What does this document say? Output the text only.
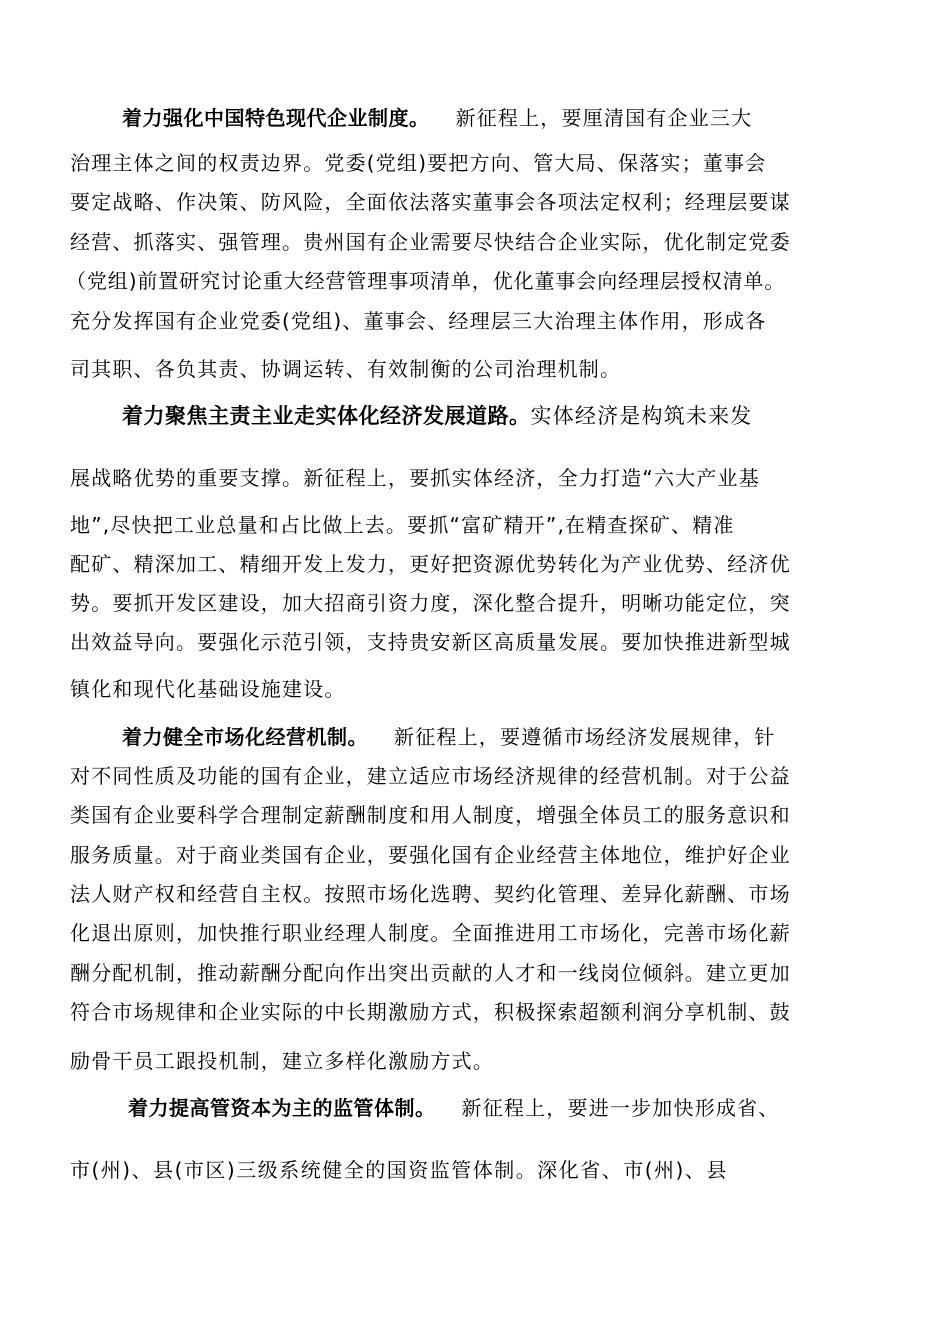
着力强化中国特色现代企业制度。 新征程上，要厘清国有企业三大
治理主体之间的权责边界。党委(党组)要把方向、管大局、保落实；董事会
要定战略、作决策、防风险，全面依法落实董事会各项法定权利；经理层要谋
经营、抓落实、强管理。贵州国有企业需要尽快结合企业实际，优化制定党委
（党组)前置研究讨论重大经营管理事项清单，优化董事会向经理层授权清单。
充分发挥国有企业党委(党组)、董事会、经理层三大治理主体作用，形成各
司其职、各负其责、协调运转、有效制衡的公司治理机制。
着力聚焦主责主业走实体化经济发展道路。实体经济是构筑未来发
展战略优势的重要支撑。新征程上，要抓实体经济，全力打造“六大产业基
地”,尽快把工业总量和占比做上去。要抓“富矿精开”,在精查探矿、精准
配矿、精深加工、精细开发上发力，更好把资源优势转化为产业优势、经济优
势。要抓开发区建设，加大招商引资力度，深化整合提升，明晰功能定位，突
出效益导向。要强化示范引领，支持贵安新区高质量发展。要加快推进新型城
镇化和现代化基础设施建设。
着力健全市场化经营机制。 新征程上，要遵循市场经济发展规律，针
对不同性质及功能的国有企业，建立适应市场经济规律的经营机制。对于公益
类国有企业要科学合理制定薪酬制度和用人制度，增强全体员工的服务意识和
服务质量。对于商业类国有企业，要强化国有企业经营主体地位，维护好企业
法人财产权和经营自主权。按照市场化选聘、契约化管理、差异化薪酬、市场
化退出原则，加快推行职业经理人制度。全面推进用工市场化，完善市场化薪
酬分配机制，推动薪酬分配向作出突出贡献的人才和一线岗位倾斜。建立更加
符合市场规律和企业实际的中长期激励方式，积极探索超额利润分享机制、鼓
励骨干员工跟投机制，建立多样化激励方式。
着力提高管资本为主的监管体制。 新征程上，要进一步加快形成省、
市(州)、县(市区)三级系统健全的国资监管体制。深化省、市(州)、县
